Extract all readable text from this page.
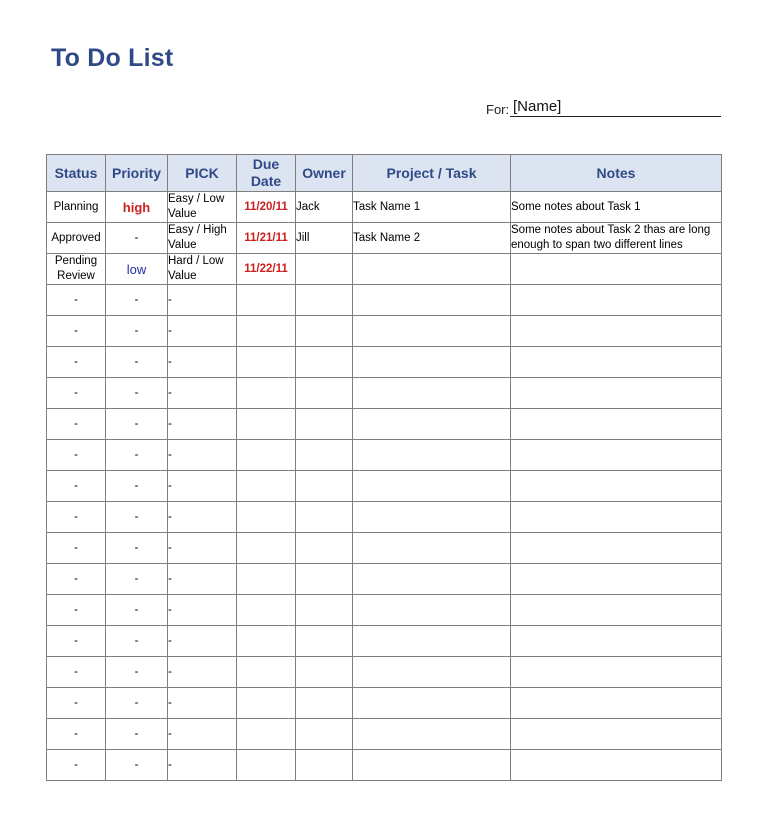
To Do List
For: [Name]
Status	Priority	PICK	Due Date	Owner	Project / Task	Notes
Planning	high	Easy / Low Value	11/20/11	Jack	Task Name 1	Some notes about Task 1
Approved	-	Easy / High Value	11/21/11	Jill	Task Name 2	Some notes about Task 2 thas are long enough to span two different lines
Pending Review	low	Hard / Low Value	11/22/11			
-	-	-				
-	-	-				
-	-	-				
-	-	-				
-	-	-				
-	-	-				
-	-	-				
-	-	-				
-	-	-				
-	-	-				
-	-	-				
-	-	-				
-	-	-				
-	-	-				
-	-	-				
-	-	-				
